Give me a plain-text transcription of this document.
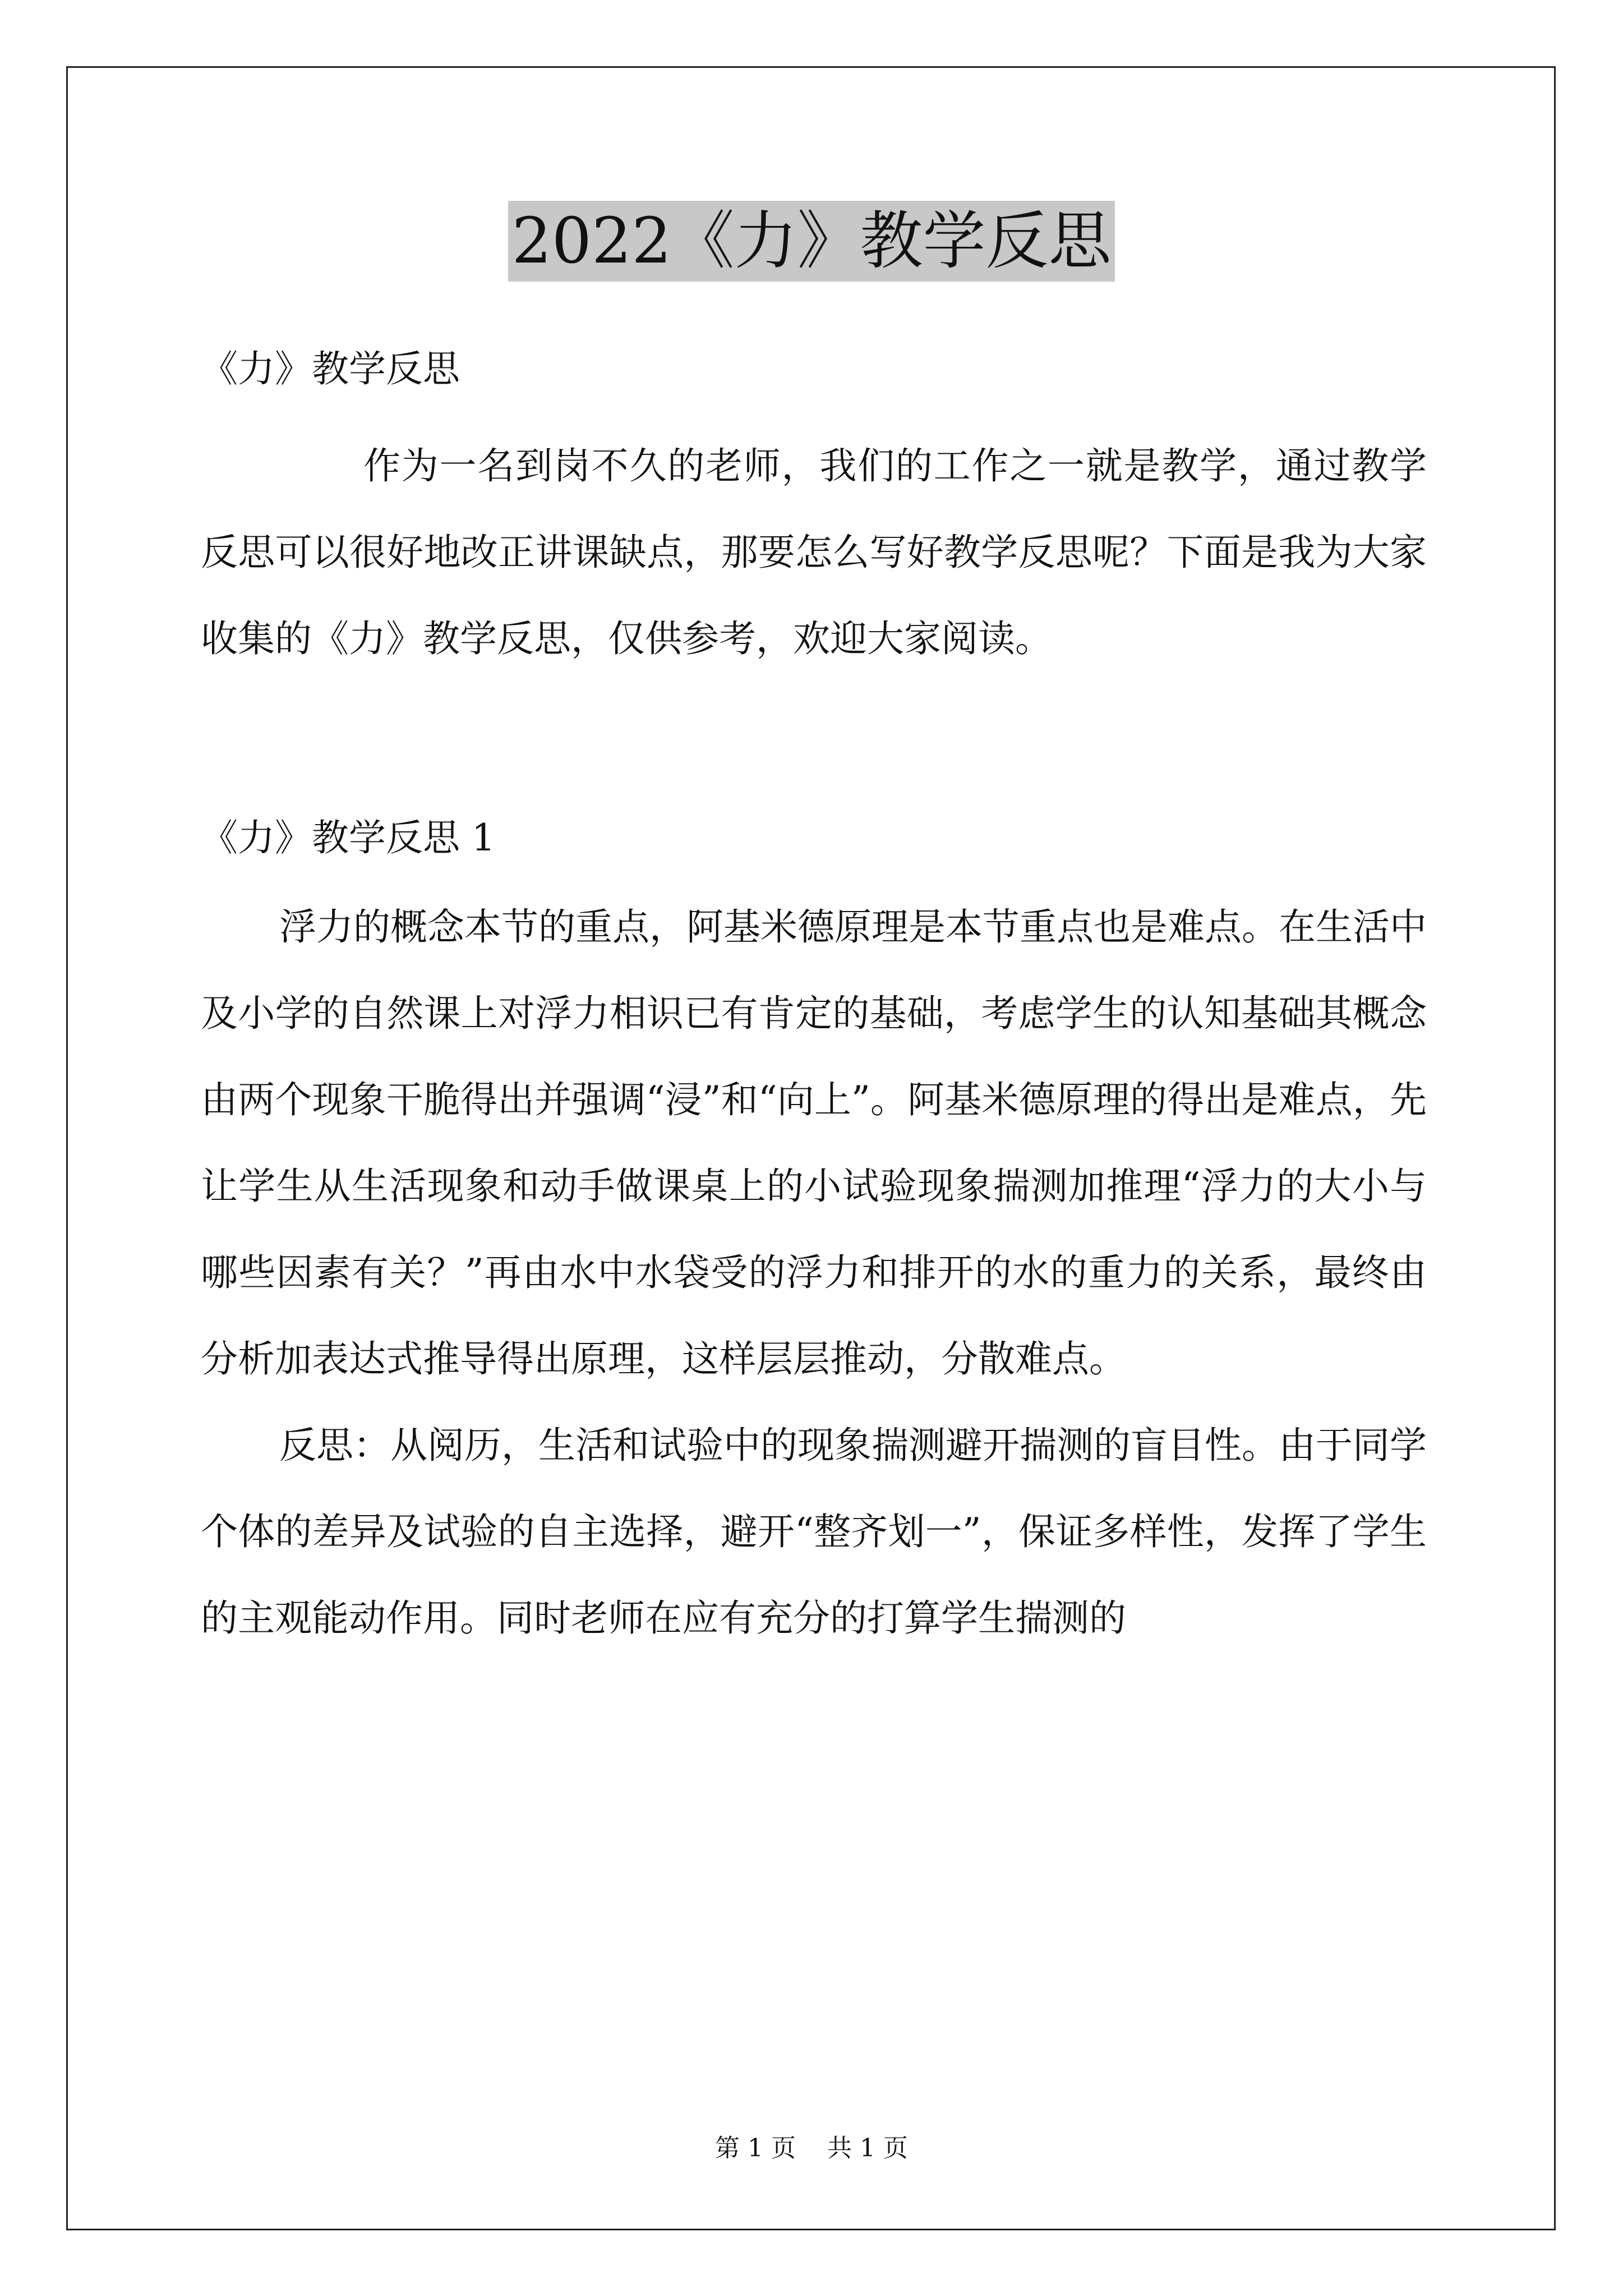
2022《力》教学反思

《力》教学反思

作为一名到岗不久的老师，我们的工作之一就是教学，通过教学反思可以很好地改正讲课缺点，那要怎么写好教学反思呢？下面是我为大家收集的《力》教学反思，仅供参考，欢迎大家阅读。

《力》教学反思 1

浮力的概念本节的重点，阿基米德原理是本节重点也是难点。在生活中及小学的自然课上对浮力相识已有肯定的基础，考虑学生的认知基础其概念由两个现象干脆得出并强调“浸”和“向上”。阿基米德原理的得出是难点，先让学生从生活现象和动手做课桌上的小试验现象揣测加推理“浮力的大小与哪些因素有关？”再由水中水袋受的浮力和排开的水的重力的关系，最终由分析加表达式推导得出原理，这样层层推动，分散难点。

反思：从阅历，生活和试验中的现象揣测避开揣测的盲目性。由于同学个体的差异及试验的自主选择，避开“整齐划一”，保证多样性，发挥了学生的主观能动作用。同时老师在应有充分的打算学生揣测的

第 1 页    共 1 页
